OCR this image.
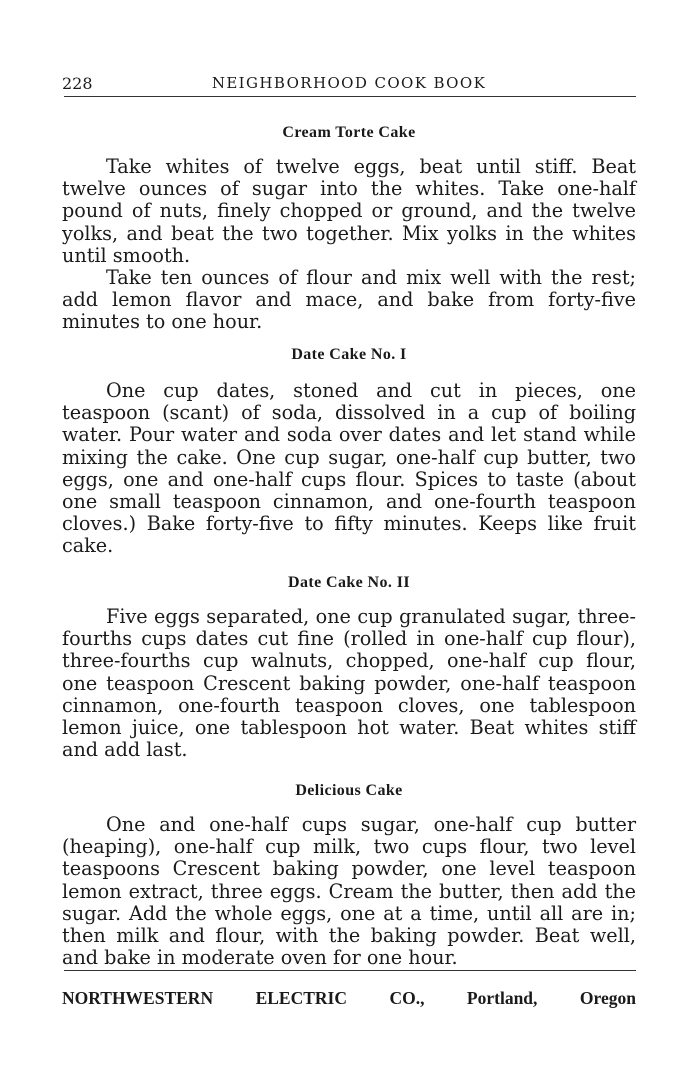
228	NEIGHBORHOOD COOK BOOK
Cream Torte Cake

Take whites of twelve eggs, beat until stiff. Beat twelve ounces of sugar into the whites. Take one-half pound of nuts, finely chopped or ground, and the twelve yolks, and beat the two together. Mix yolks in the whites until smooth.

Take ten ounces of flour and mix well with the rest; add lemon flavor and mace, and bake from forty-five minutes to one hour.

Date Cake No. I

One cup dates, stoned and cut in pieces, one teaspoon (scant) of soda, dissolved in a cup of boiling water. Pour water and soda over dates and let stand while mixing the cake. One cup sugar, one-half cup butter, two eggs, one and one-half cups flour. Spices to taste (about one small teaspoon cinnamon, and one-fourth teaspoon cloves.) Bake forty-five to fifty minutes. Keeps like fruit cake.

Date Cake No. II

Five eggs separated, one cup granulated sugar, three-fourths cups dates cut fine (rolled in one-half cup flour), three-fourths cup walnuts, chopped, one-half cup flour, one teaspoon Crescent baking powder, one-half teaspoon cinnamon, one-fourth teaspoon cloves, one tablespoon lemon juice, one tablespoon hot water. Beat whites stiff and add last.

Delicious Cake

One and one-half cups sugar, one-half cup butter (heaping), one-half cup milk, two cups flour, two level teaspoons Crescent baking powder, one level teaspoon lemon extract, three eggs. Cream the butter, then add the sugar. Add the whole eggs, one at a time, until all are in; then milk and flour, with the baking powder. Beat well, and bake in moderate oven for one hour.

NORTHWESTERN ELECTRIC CO., Portland, Oregon
